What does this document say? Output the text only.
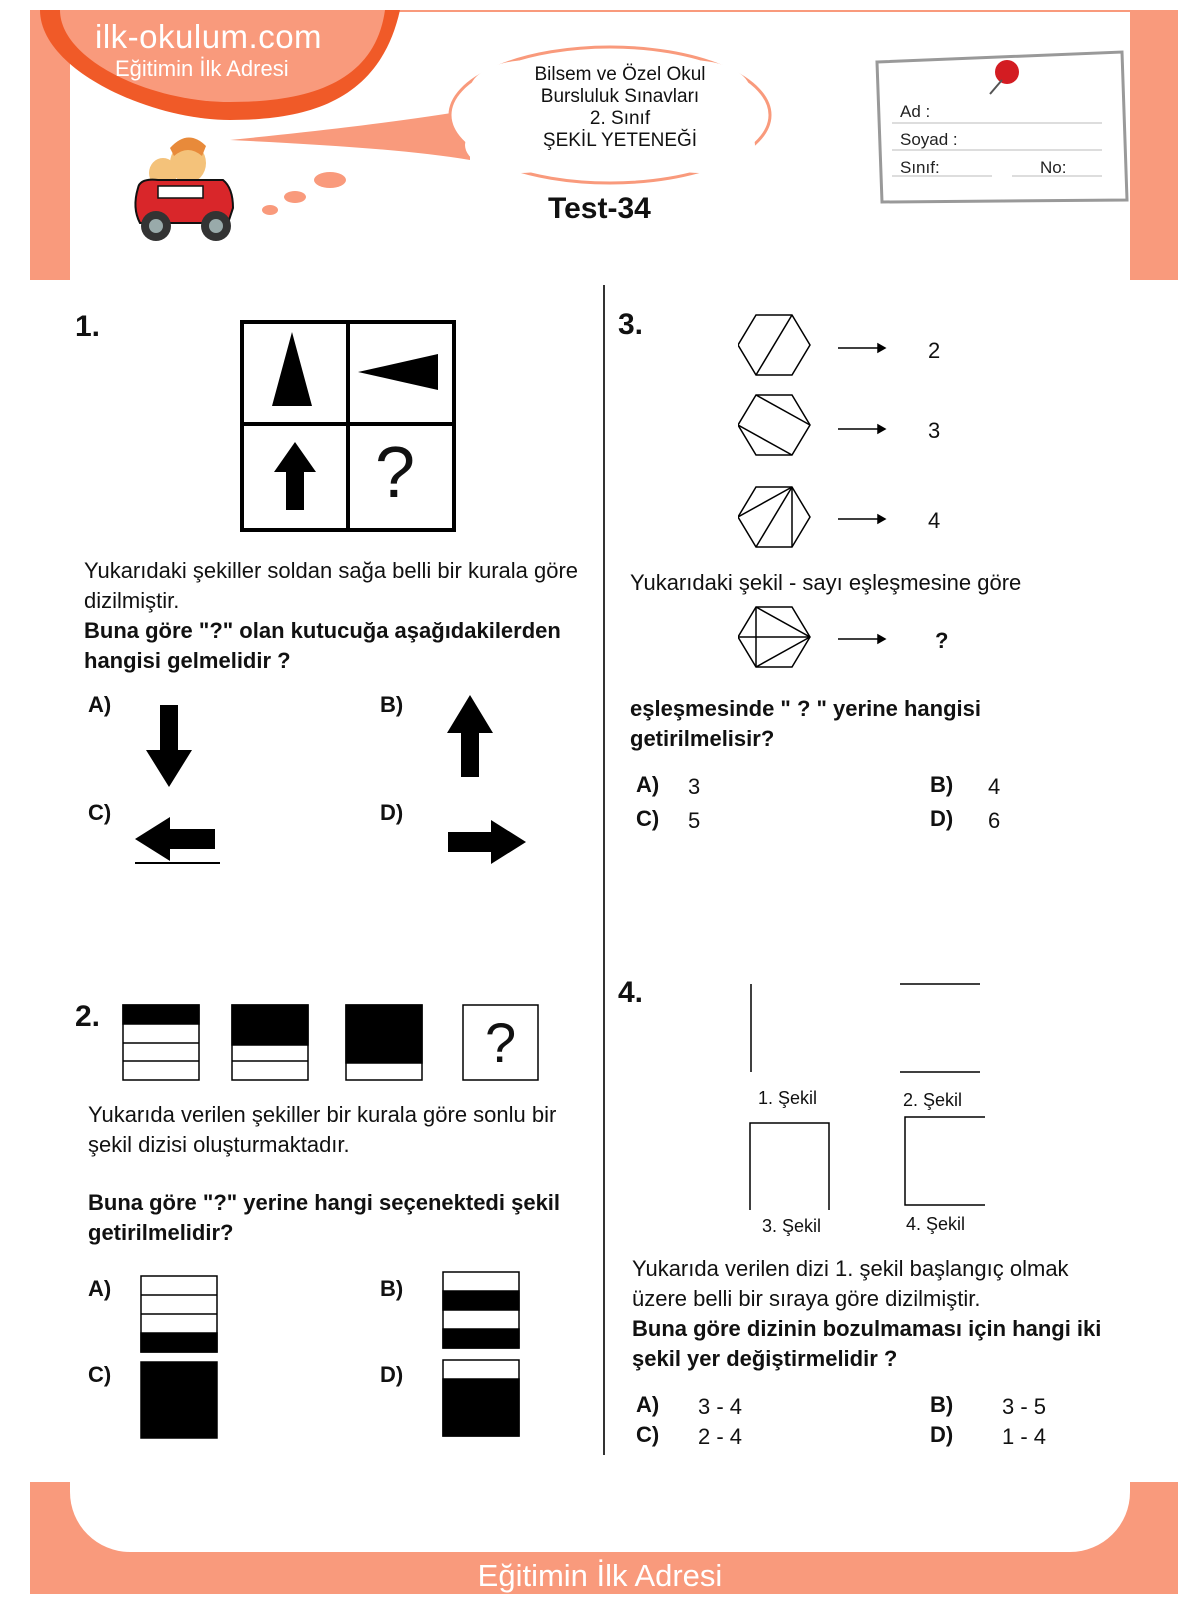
ilk-okulum.com
Eğitimin İlk Adresi	Bilsem ve Özel Okul
Bursluluk Sınavları
2. Sınıf
ŞEKİL YETENEĞİ
Test-34
Ad :
Soyad :
Sınıf:	No:
1.
?
Yukarıdaki şekiller soldan sağa belli bir kurala göre dizilmiştir.
Buna göre "?" olan kutucuğa aşağıdakilerden hangisi gelmelidir ?
A)	B)
C)	D)
2.	?
Yukarıda verilen şekiller bir kurala göre sonlu bir şekil dizisi oluşturmaktadır.
Buna göre "?" yerine hangi seçenektedi şekil getirilmelidir?
A)	B)
C)	D)
3.
2
3
4
Yukarıdaki şekil - sayı eşleşmesine göre
?
eşleşmesinde " ? " yerine hangisi getirilmelisir?
A) 3	B) 4
C) 5	D) 6
4.
1. Şekil	2. Şekil
3. Şekil	4. Şekil
Yukarıda verilen dizi 1. şekil başlangıç olmak üzere belli bir sıraya göre dizilmiştir.
Buna göre dizinin bozulmaması için hangi iki şekil yer değiştirmelidir ?
A) 3 - 4	B) 3 - 5
C) 2 - 4	D) 1 - 4
ilk-okulum.com
Eğitimin İlk Adresi
